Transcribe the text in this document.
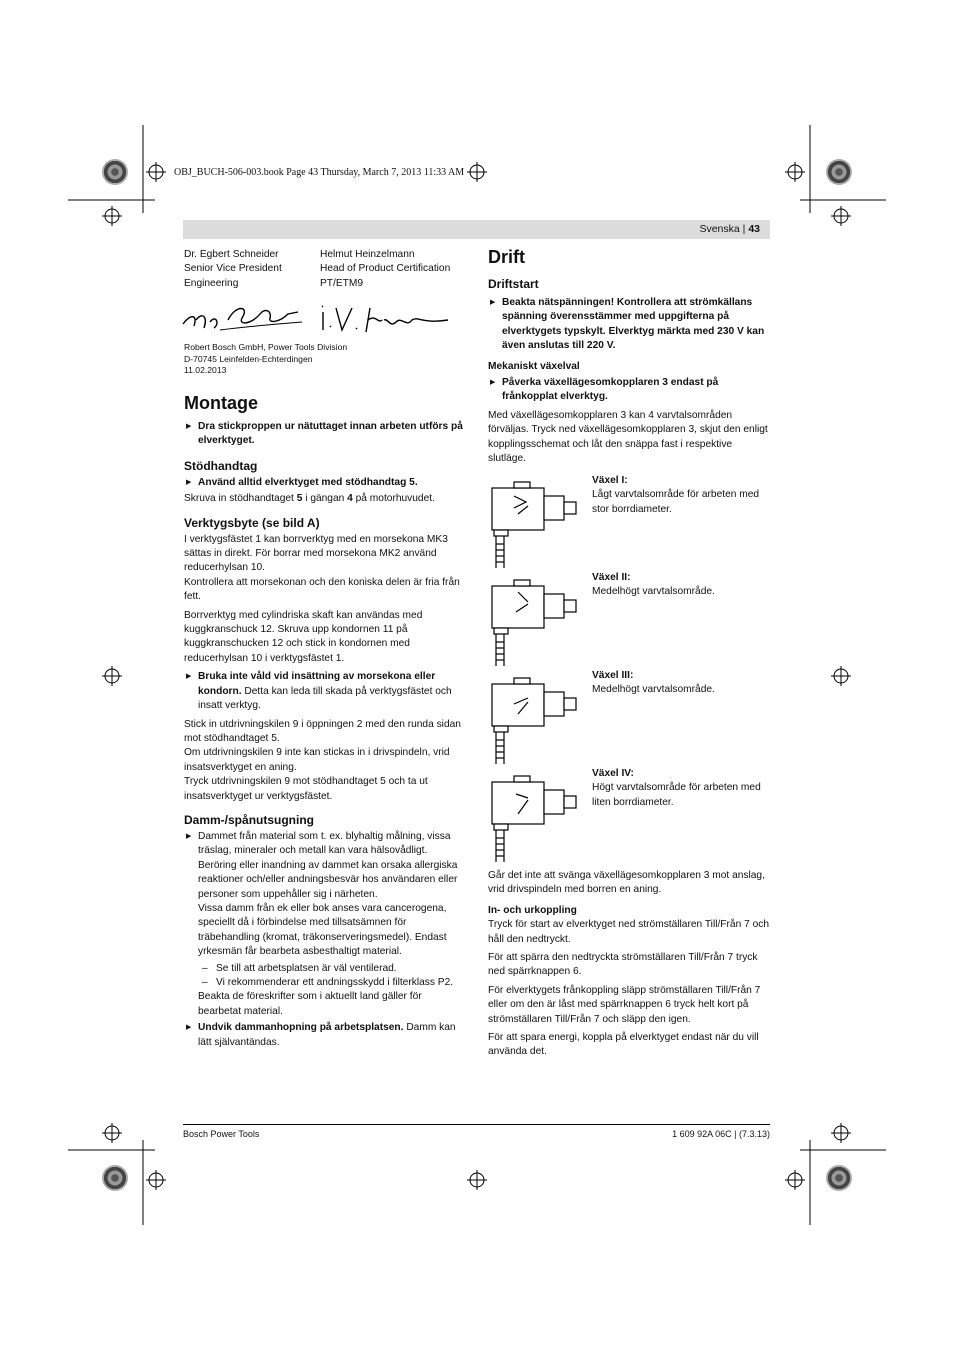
OBJ_BUCH-506-003.book Page 43 Thursday, March 7, 2013 11:33 AM
Svenska | 43
Dr. Egbert Schneider
Senior Vice President
Engineering
Helmut Heinzelmann
Head of Product Certification
PT/ETM9
Robert Bosch GmbH, Power Tools Division
D-70745 Leinfelden-Echterdingen
11.02.2013
Montage
▶ Dra stickproppen ur nätuttaget innan arbeten utförs på elverktyget.
Stödhandtag
▶ Använd alltid elverktyget med stödhandtag 5.

Skruva in stödhandtaget 5 i gängan 4 på motorhuvudet.

Verktygsbyte (se bild A)

I verktygsfästet 1 kan borrverktyg med en morsekona MK3 sättas in direkt. För borrar med morsekona MK2 använd reducerhylsan 10.

Kontrollera att morsekonan och den koniska delen är fria från fett.

Borrverktyg med cylindriska skaft kan användas med kuggkranschuck 12. Skruva upp kondornen 11 på kuggkranschucken 12 och stick in kondornen med reducerhylsan 10 i verktygsfästet 1.

▶ Bruka inte våld vid insättning av morsekona eller kondorn. Detta kan leda till skada på verktygsfästet och insatt verktyg.

Stick in utdrivningskilen 9 i öppningen 2 med den runda sidan mot stödhandtaget 5.

Om utdrivningskilen 9 inte kan stickas in i drivspindeln, vrid insatsverktyget en aning.

Tryck utdrivningskilen 9 mot stödhandtaget 5 och ta ut insatsverktyget ur verktygsfästet.

Damm-/spånutsugning
▶ Dammet från material som t. ex. blyhaltig målning, vissa träslag, mineraler och metall kan vara hälsovådligt. Beröring eller inandning av dammet kan orsaka allergiska reaktioner och/eller andningsbesvär hos användaren eller personer som uppehåller sig i närheten.

Vissa damm från ek eller bok anses vara cancerogena, speciellt då i förbindelse med tillsatsämnen för träbehandling (kromat, träkonserveringsmedel). Endast yrkesmän får bearbeta asbesthaltigt material.

– Se till att arbetsplatsen är väl ventilerad.
– Vi rekommenderar ett andningsskydd i filterklass P2.

Beakta de föreskrifter som i aktuellt land gäller för bearbetat material.

▶ Undvik dammanhopning på arbetsplatsen. Damm kan lätt självantändas.
Drift
Driftstart
▶ Beakta nätspänningen! Kontrollera att strömkällans spänning överensstämmer med uppgifterna på elverktygets typskylt. Elverktyg märkta med 230 V kan även anslutas till 220 V.
Mekaniskt växelval
▶ Påverka växellägesomkopplaren 3 endast på frånkopplat elverktyg.

Med växellägesomkopplaren 3 kan 4 varvtalsområden förväljas. Tryck ned växellägesomkopplaren 3, skjut den enligt kopplingsschemat och låt den snäppa fast i respektive slutläge.

Växel I:
Lågt varvtalsområde för arbeten med stor borrdiameter.
Växel II:
Medelhögt varvtalsområde.
Växel III:
Medelhögt varvtalsområde.
Växel IV:
Högt varvtalsområde för arbeten med liten borrdiameter.

Går det inte att svänga växellägesomkopplaren 3 mot anslag, vrid drivspindeln med borren en aning.

In- och urkoppling

Tryck för start av elverktyget ned strömställaren Till/Från 7 och håll den nedtryckt.

För att spärra den nedtryckta strömställaren Till/Från 7 tryck ned spärrknappen 6.

För elverktygets frånkoppling släpp strömställaren Till/Från 7 eller om den är låst med spärrknappen 6 tryck helt kort på strömställaren Till/Från 7 och släpp den igen.

För att spara energi, koppla på elverktyget endast när du vill använda det.

Bosch Power Tools	1 609 92A 06C | (7.3.13)
